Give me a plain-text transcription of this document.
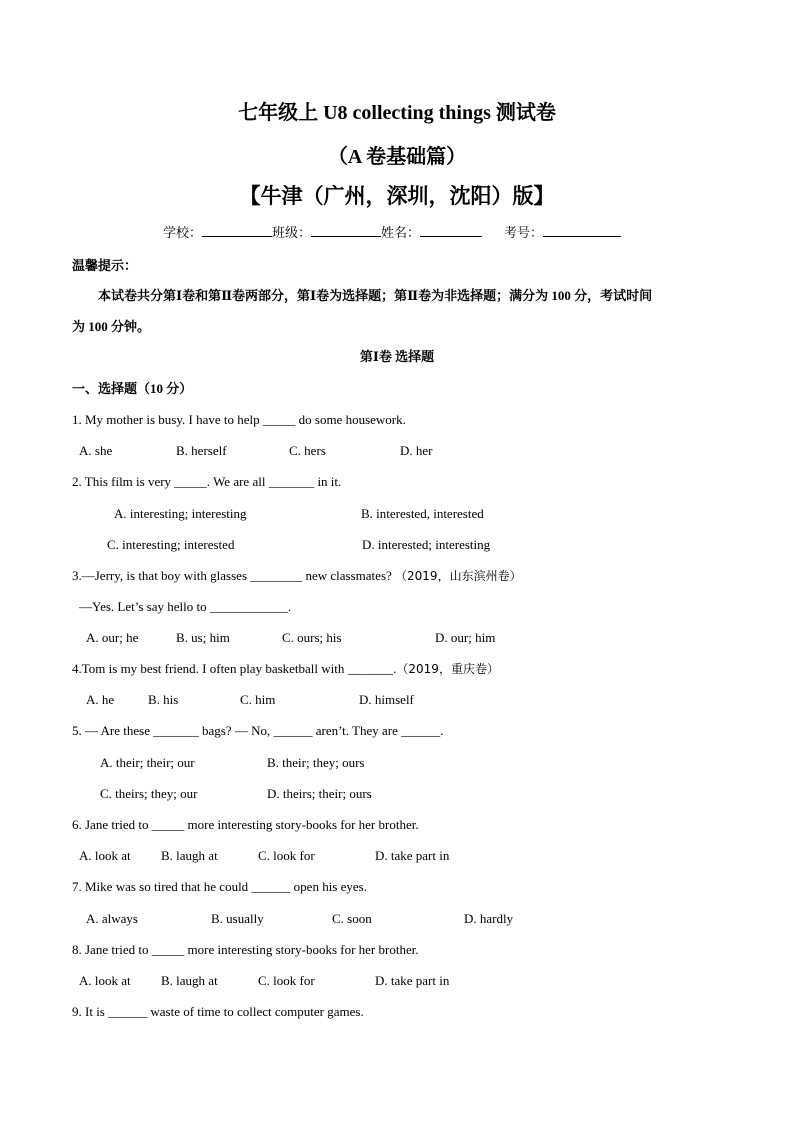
七年级上 U8 collecting things 测试卷
（A 卷基础篇）
【牛津（广州，深圳，沈阳）版】
学校：	班级：	姓名：	考号：
温馨提示：
本试卷共分第Ⅰ卷和第Ⅱ卷两部分，第Ⅰ卷为选择题；第Ⅱ卷为非选择题；满分为 100 分，考试时间
为 100 分钟。
第Ⅰ卷 选择题
一、选择题（10 分）
1. My mother is busy. I have to help _____ do some housework.
A. she	B. herself	C. hers	D. her
2. This film is very _____. We are all _______ in it.
A. interesting; interesting	B. interested, interested
C. interesting; interested	D. interested; interesting
3.—Jerry, is that boy with glasses ________ new classmates? （2019，山东滨州卷）
—Yes. Let’s say hello to ____________.
A. our; he	B. us; him	C. ours; his	D. our; him
4.Tom is my best friend. I often play basketball with _______.（2019，重庆卷）
A. he	B. his	C. him	D. himself
5. — Are these _______ bags? — No, ______ aren’t. They are ______.
A. their; their; our	B. their; they; ours
C. theirs; they; our	D. theirs; their; ours
6. Jane tried to _____ more interesting story-books for her brother.
A. look at B. laugh at	C. look for	D. take part in
7. Mike was so tired that he could ______ open his eyes.
A. always	B. usually	C. soon	D. hardly
8. Jane tried to _____ more interesting story-books for her brother.
A. look at B. laugh at	C. look for	D. take part in
9. It is ______ waste of time to collect computer games.
